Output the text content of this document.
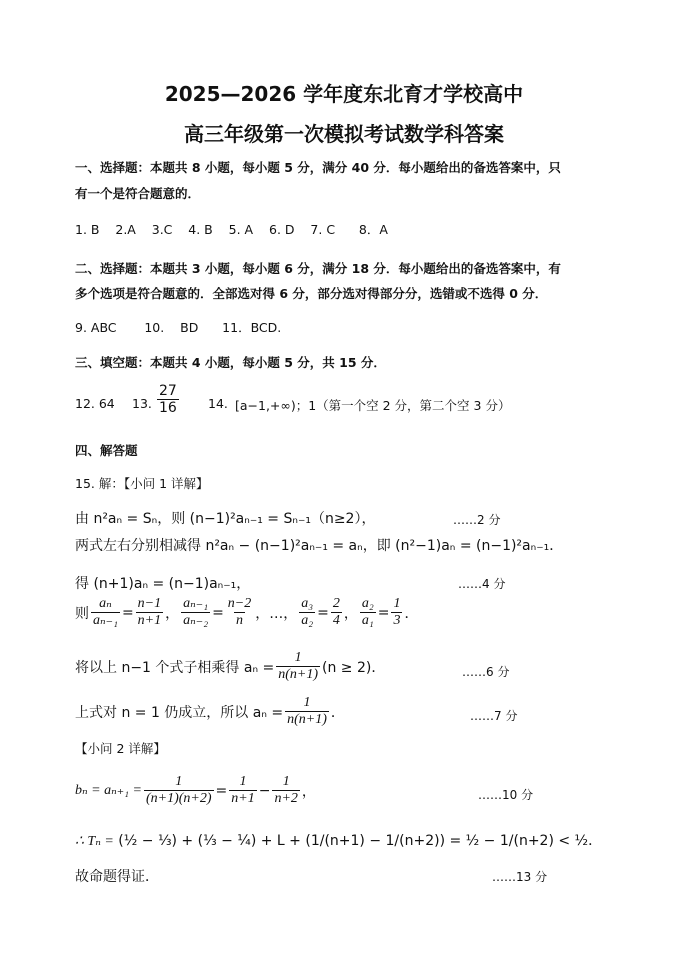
2025—2026 学年度东北育才学校高中
高三年级第一次模拟考试数学科答案
一、选择题：本题共 8 小题，每小题 5 分，满分 40 分．每小题给出的备选答案中，只
有一个是符合题意的．
1. B    2.A    3.C    4. B    5. A    6. D    7. C      8．A
二、选择题：本题共 3 小题，每小题 6 分，满分 18 分．每小题给出的备选答案中，有
多个选项是符合题意的．全部选对得 6 分，部分选对得部分分，选错或不选得 0 分．
9. ABC       10.    BD      11．BCD.
三、填空题：本题共 4 小题，每小题 5 分，共 15 分．
12. 64 13. $\frac{27}{16} 14$. [a−1,+∞)；1（第一个空 2 分，第二个空 3 分）
四、解答题
15. 解：【小问 1 详解】
由 n²aₙ = Sₙ，则 (n−1)²aₙ₋₁ = Sₙ₋₁（n≥2），	……2 分
两式左右分别相减得 n²aₙ − (n−1)²aₙ₋₁ = aₙ，即 (n²−1)aₙ = (n−1)²aₙ₋₁．
得 (n+1)aₙ = (n−1)aₙ₋₁，	……4 分
则 $\frac{\text{aₙ}}{\text{aₙ₋₁}} = \frac{n-1}{n+1}$ ， $\frac{\text{aₙ₋₁}}{\text{aₙ₋₂}} = \frac{n-2}{n}$ ，…， $\frac{\text{a₃}}{\text{a₂}} = \frac{2}{4}$ ， $\frac{\text{a₂}}{\text{a₁}} = \frac{1}{3}$ ．
将以上 n−1 个式子相乘得 $a_n = \frac{1}{n(n+1)} (n \ge 2)$．	……6 分
上式对 n = 1 仍成立，所以 $a_n = \frac{1}{n(n+1)}$ ．	……7 分
【小问 2 详解】
$b_n = a_{n+1} = \frac{1}{(n+1)(n+2)} = \frac{1}{n+1} - \frac{1}{n+2}$ ，	……10 分
∴ Tₙ = (½ − ⅓) + (⅓ − ¼) + L + (1/(n+1) − 1/(n+2)) = ½ − 1/(n+2) < ½．
故命题得证．	……13 分
